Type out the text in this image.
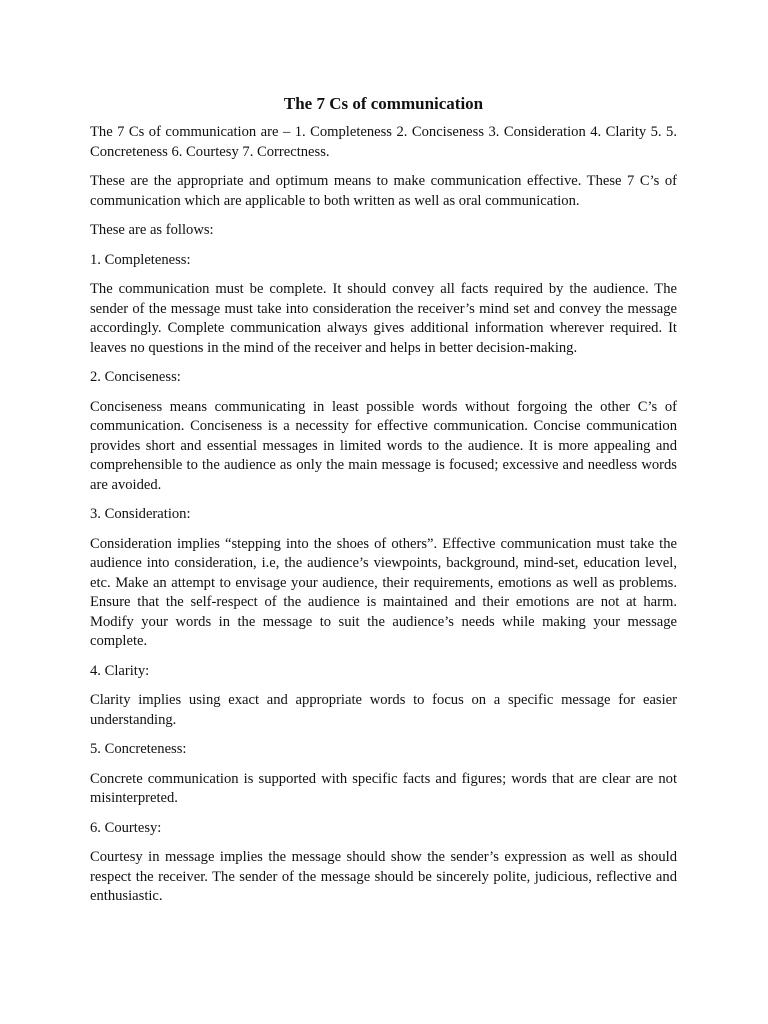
The 7 Cs of communication

The 7 Cs of communication are – 1. Completeness 2. Conciseness 3. Consideration 4. Clarity 5. 5. Concreteness 6. Courtesy 7. Correctness.

These are the appropriate and optimum means to make communication effective. These 7 C’s of communication which are applicable to both written as well as oral communication.

These are as follows:

1. Completeness:

The communication must be complete. It should convey all facts required by the audience. The sender of the message must take into consideration the receiver’s mind set and convey the message accordingly. Complete communication always gives additional information wherever required. It leaves no questions in the mind of the receiver and helps in better decision-making.

2. Conciseness:

Conciseness means communicating in least possible words without forgoing the other C’s of communication. Conciseness is a necessity for effective communication. Concise communication provides short and essential messages in limited words to the audience. It is more appealing and comprehensible to the audience as only the main message is focused; excessive and needless words are avoided.

3. Consideration:

Consideration implies “stepping into the shoes of others”. Effective communication must take the audience into consideration, i.e, the audience’s viewpoints, background, mind-set, education level, etc. Make an attempt to envisage your audience, their requirements, emotions as well as problems. Ensure that the self-respect of the audience is maintained and their emotions are not at harm. Modify your words in the message to suit the audience’s needs while making your message complete.

4. Clarity:

Clarity implies using exact and appropriate words to focus on a specific message for easier understanding.

5. Concreteness:

Concrete communication is supported with specific facts and figures; words that are clear are not misinterpreted.

6. Courtesy:

Courtesy in message implies the message should show the sender’s expression as well as should respect the receiver. The sender of the message should be sincerely polite, judicious, reflective and enthusiastic.
